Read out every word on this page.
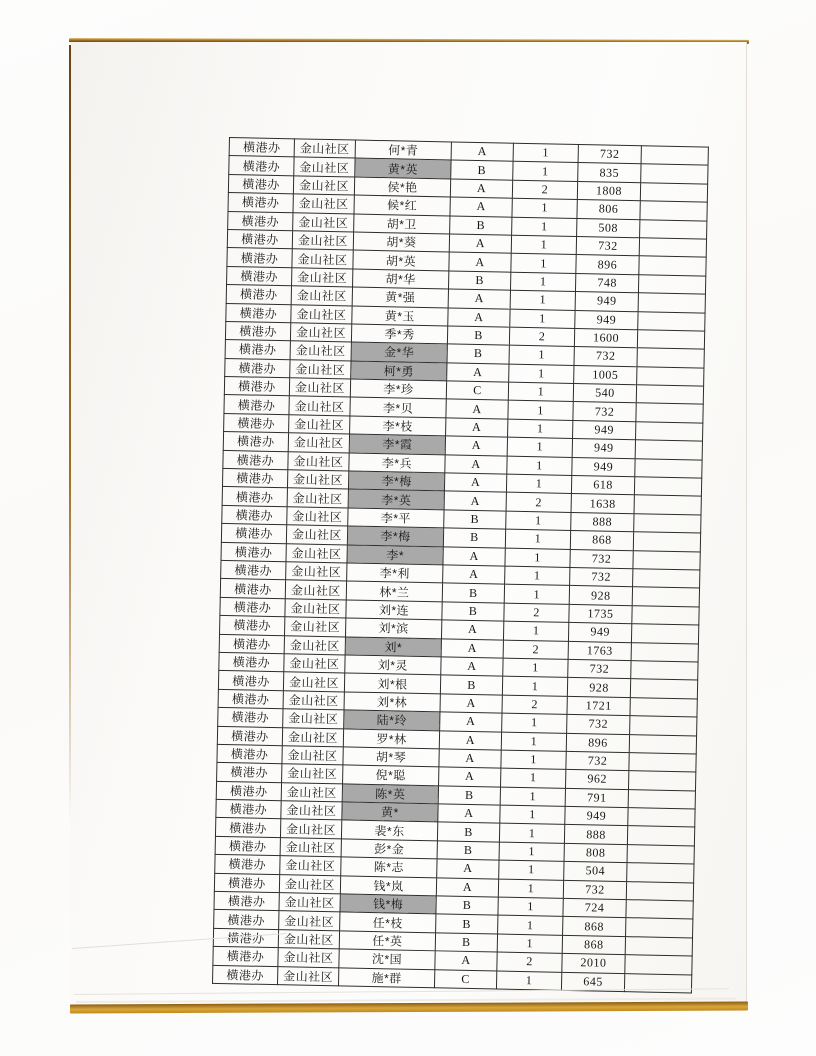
横港办	金山社区	何*青	A	1	732	
横港办	金山社区	黄*英	B	1	835	
横港办	金山社区	侯*艳	A	2	1808	
横港办	金山社区	候*红	A	1	806	
横港办	金山社区	胡*卫	B	1	508	
横港办	金山社区	胡*葵	A	1	732	
横港办	金山社区	胡*英	A	1	896	
横港办	金山社区	胡*华	B	1	748	
横港办	金山社区	黄*强	A	1	949	
横港办	金山社区	黄*玉	A	1	949	
横港办	金山社区	季*秀	B	2	1600	
横港办	金山社区	金*华	B	1	732	
横港办	金山社区	柯*勇	A	1	1005	
横港办	金山社区	李*珍	C	1	540	
横港办	金山社区	李*贝	A	1	732	
横港办	金山社区	李*枝	A	1	949	
横港办	金山社区	李*霞	A	1	949	
横港办	金山社区	李*兵	A	1	949	
横港办	金山社区	李*梅	A	1	618	
横港办	金山社区	李*英	A	2	1638	
横港办	金山社区	李*平	B	1	888	
横港办	金山社区	李*梅	B	1	868	
横港办	金山社区	李*	A	1	732	
横港办	金山社区	李*利	A	1	732	
横港办	金山社区	林*兰	B	1	928	
横港办	金山社区	刘*连	B	2	1735	
横港办	金山社区	刘*滨	A	1	949	
横港办	金山社区	刘*	A	2	1763	
横港办	金山社区	刘*灵	A	1	732	
横港办	金山社区	刘*根	B	1	928	
横港办	金山社区	刘*林	A	2	1721	
横港办	金山社区	陆*玲	A	1	732	
横港办	金山社区	罗*林	A	1	896	
横港办	金山社区	胡*琴	A	1	732	
横港办	金山社区	倪*聪	A	1	962	
横港办	金山社区	陈*英	B	1	791	
横港办	金山社区	黄*	A	1	949	
横港办	金山社区	裴*东	B	1	888	
横港办	金山社区	彭*金	B	1	808	
横港办	金山社区	陈*志	A	1	504	
横港办	金山社区	钱*岚	A	1	732	
横港办	金山社区	钱*梅	B	1	724	
横港办	金山社区	任*枝	B	1	868	
横港办	金山社区	任*英	B	1	868	
横港办	金山社区	沈*国	A	2	2010	
横港办	金山社区	施*群	C	1	645	
